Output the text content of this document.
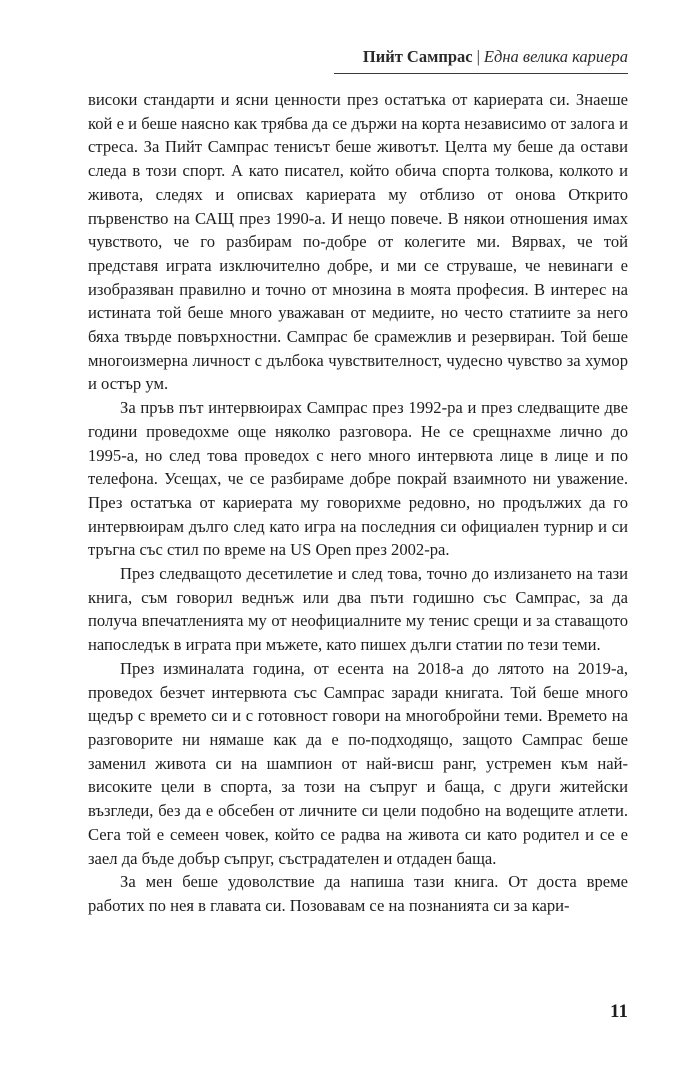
Пийт Сампрас | Една велика кариера

високи стандарти и ясни ценности през остатъка от кариерата си. Знаеше кой е и беше наясно как трябва да се държи на корта независимо от залога и стреса. За Пийт Сампрас тенисът беше животът. Целта му беше да остави следа в този спорт. А като писател, който обича спорта толкова, колкото и живота, следях и описвах кариерата му отблизо от онова Открито първенство на САЩ през 1990-а. И нещо повече. В някои отношения имах чувството, че го разбирам по-добре от колегите ми. Вярвах, че той представя играта изключително добре, и ми се струваше, че невинаги е изобразяван правилно и точно от мнозина в моята професия. В интерес на истината той беше много уважаван от медиите, но често статиите за него бяха твърде повърхностни. Сампрас бе срамежлив и резервиран. Той беше многоизмерна личност с дълбока чувствителност, чудесно чувство за хумор и остър ум.

За пръв път интервюирах Сампрас през 1992-ра и през следващите две години проведохме още няколко разговора. Не се срещнахме лично до 1995-а, но след това проведох с него много интервюта лице в лице и по телефона. Усещах, че се разбираме добре покрай взаимното ни уважение. През остатъка от кариерата му говорихме редовно, но продължих да го интервюирам дълго след като игра на последния си официален турнир и си тръгна със стил по време на US Open през 2002-ра.

През следващото десетилетие и след това, точно до излизането на тази книга, съм говорил веднъж или два пъти годишно със Сампрас, за да получа впечатленията му от неофициалните му тенис срещи и за ставащото напоследък в играта при мъжете, като пишех дълги статии по тези теми.

През изминалата година, от есента на 2018-а до лятото на 2019-а, проведох безчет интервюта със Сампрас заради книгата. Той беше много щедър с времето си и с готовност говори на многобройни теми. Времето на разговорите ни нямаше как да е по-подходящо, защото Сампрас беше заменил живота си на шампион от най-висш ранг, устремен към най-високите цели в спорта, за този на съпруг и баща, с други житейски възгледи, без да е обсебен от личните си цели подобно на водещите атлети. Сега той е семеен човек, който се радва на живота си като родител и се е заел да бъде добър съпруг, състрадателен и отдаден баща.

За мен беше удоволствие да напиша тази книга. От доста време работих по нея в главата си. Позовавам се на познанията си за кари-

11
